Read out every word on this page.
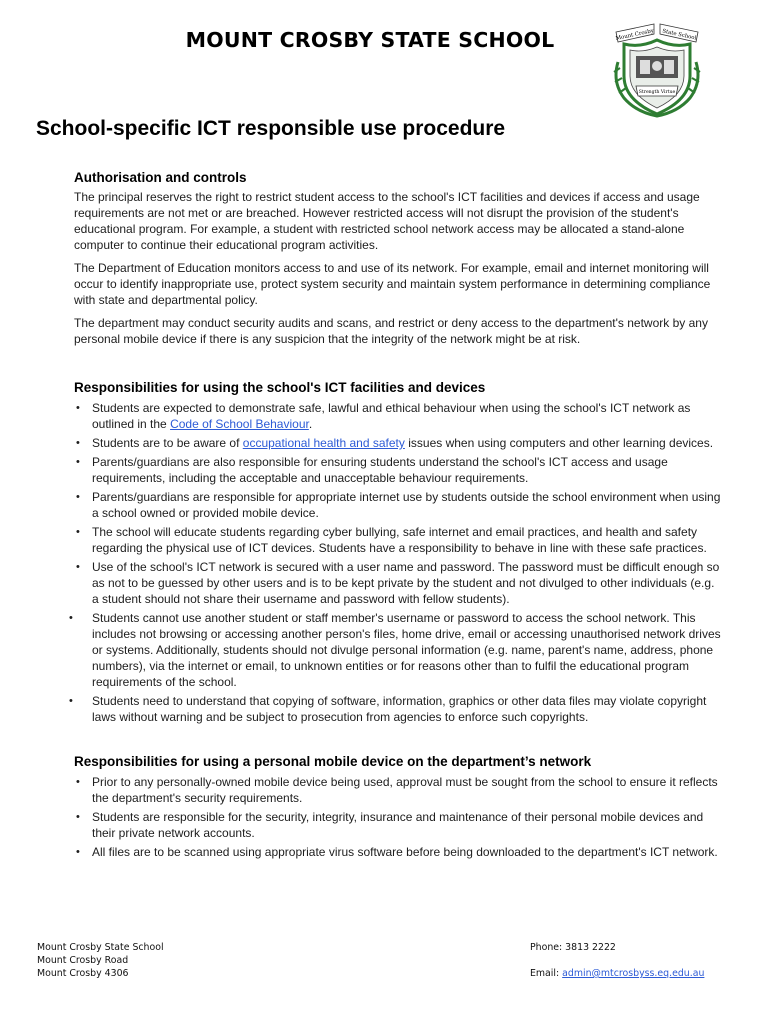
MOUNT CROSBY STATE SCHOOL	Mount Crosby State School
Strength Virtue
School-specific ICT responsible use procedure
Authorisation and controls

The principal reserves the right to restrict student access to the school's ICT facilities and devices if access and usage requirements are not met or are breached. However restricted access will not disrupt the provision of the student's educational program. For example, a student with restricted school network access may be allocated a stand-alone computer to continue their educational program activities.

The Department of Education monitors access to and use of its network. For example, email and internet monitoring will occur to identify inappropriate use, protect system security and maintain system performance in determining compliance with state and departmental policy.

The department may conduct security audits and scans, and restrict or deny access to the department's network by any personal mobile device if there is any suspicion that the integrity of the network might be at risk.

Responsibilities for using the school's ICT facilities and devices
• Students are expected to demonstrate safe, lawful and ethical behaviour when using the school's ICT network as outlined in the Code of School Behaviour.
• Students are to be aware of occupational health and safety issues when using computers and other learning devices.
• Parents/guardians are also responsible for ensuring students understand the school's ICT access and usage requirements, including the acceptable and unacceptable behaviour requirements.
• Parents/guardians are responsible for appropriate internet use by students outside the school environment when using a school owned or provided mobile device.
• The school will educate students regarding cyber bullying, safe internet and email practices, and health and safety regarding the physical use of ICT devices. Students have a responsibility to behave in line with these safe practices.
• Use of the school's ICT network is secured with a user name and password. The password must be difficult enough so as not to be guessed by other users and is to be kept private by the student and not divulged to other individuals (e.g. a student should not share their username and password with fellow students).
• Students cannot use another student or staff member's username or password to access the school network. This includes not browsing or accessing another person's files, home drive, email or accessing unauthorised network drives or systems. Additionally, students should not divulge personal information (e.g. name, parent's name, address, phone numbers), via the internet or email, to unknown entities or for reasons other than to fulfil the educational program requirements of the school.
• Students need to understand that copying of software, information, graphics or other data files may violate copyright laws without warning and be subject to prosecution from agencies to enforce such copyrights.
Responsibilities for using a personal mobile device on the department’s network
• Prior to any personally-owned mobile device being used, approval must be sought from the school to ensure it reflects the department's security requirements.
• Students are responsible for the security, integrity, insurance and maintenance of their personal mobile devices and their private network accounts.
• All files are to be scanned using appropriate virus software before being downloaded to the department's ICT network.
Mount Crosby State School
Mount Crosby Road
Mount Crosby 4306
Phone: 3813 2222
Email: admin@mtcrosbyss.eq.edu.au
